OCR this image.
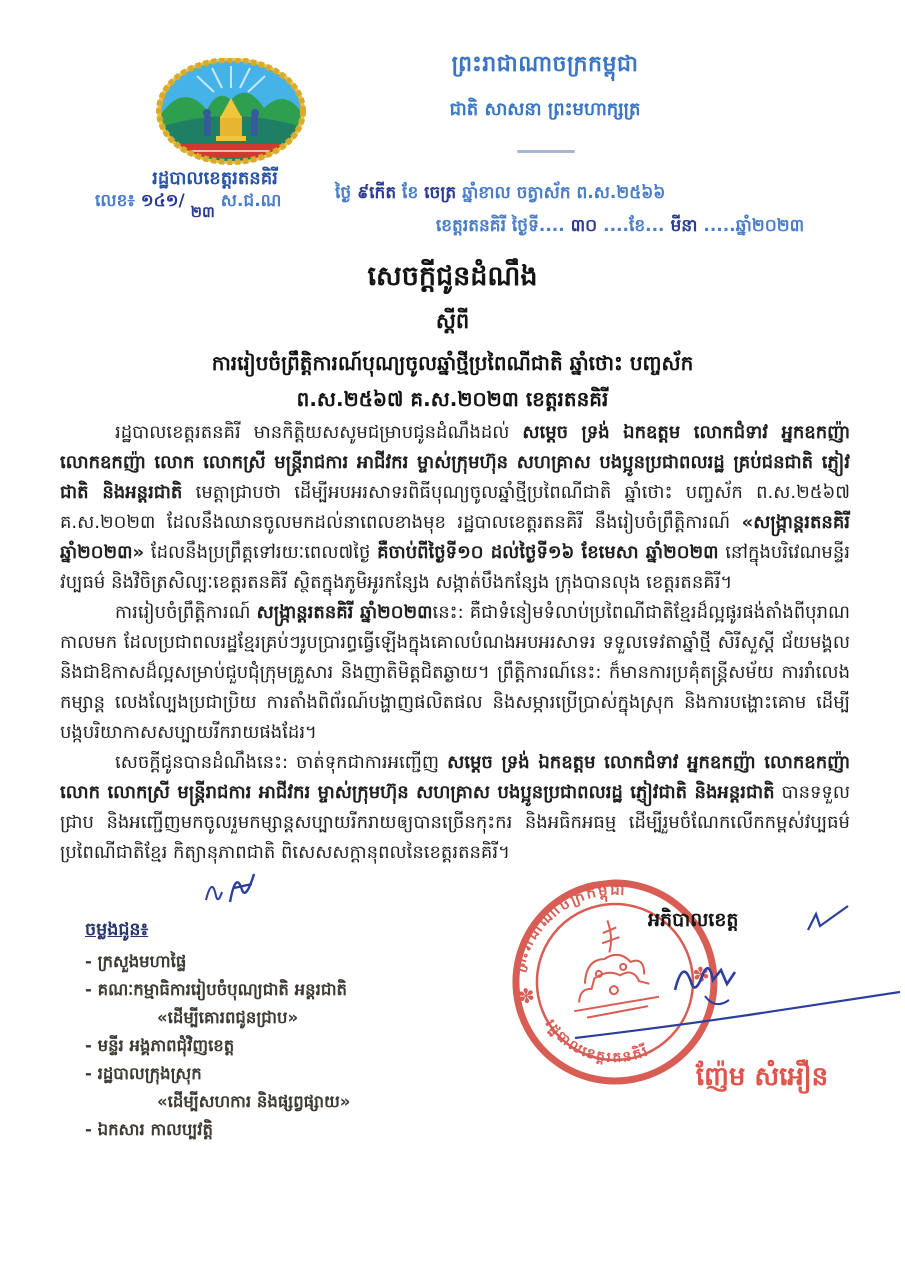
ព្រះរាជាណាចក្រកម្ពុជា
ជាតិ សាសនា ព្រះមហាក្សត្រ
រដ្ឋបាលខេត្តរតនគិរី
លេខ៖ ១៤១/ ២៣ ស.ជ.ណ	ថ្ងៃ ៩កើត ខែ ចេត្រ ឆ្នាំខាល ចត្វាស័ក ព.ស.២៥៦៦
ខេត្តរតនគិរី ថ្ងៃទី.... ៣០ ....ខែ... មីនា .....ឆ្នាំ២០២៣
សេចក្ដីជូនដំណឹង
ស្ដីពី
ការរៀបចំព្រឹត្តិការណ៍បុណ្យចូលឆ្នាំថ្មីប្រពៃណីជាតិ ឆ្នាំថោះ បញ្ចស័ក
ព.ស.២៥៦៧ គ.ស.២០២៣ ខេត្តរតនគិរី

រដ្ឋបាលខេត្តរតនគិរី មានកិត្តិយសសូមជម្រាបជូនដំណឹងដល់ សម្ដេច ទ្រង់ ឯកឧត្ដម លោកជំទាវ អ្នកឧកញ៉ា លោកឧកញ៉ា លោក លោកស្រី មន្ត្រីរាជការ អាជីវករ ម្ចាស់ក្រុមហ៊ុន សហគ្រាស បងប្អូនប្រជាពលរដ្ឋ គ្រប់ជនជាតិ ភ្ញៀវជាតិ និងអន្តរជាតិ មេត្តាជ្រាបថា ដើម្បីអបអរសាទរពិធីបុណ្យចូលឆ្នាំថ្មីប្រពៃណីជាតិ ឆ្នាំថោះ បញ្ចស័ក ព.ស.២៥៦៧ គ.ស.២០២៣ ដែលនឹងឈានចូលមកដល់នាពេលខាងមុខ រដ្ឋបាលខេត្តរតនគិរី នឹងរៀបចំព្រឹត្តិការណ៍ «សង្ក្រាន្តរតនគិរី ឆ្នាំ២០២៣» ដែលនឹងប្រព្រឹត្តទៅរយៈពេល៧ថ្ងៃ គឺចាប់ពីថ្ងៃទី១០ ដល់ថ្ងៃទី១៦ ខែមេសា ឆ្នាំ២០២៣ នៅក្នុងបរិវេណមន្ទីរវប្បធម៌ និងវិចិត្រសិល្បៈខេត្តរតនគិរី ស្ថិតក្នុងភូមិអូរកន្សែង សង្កាត់បឹងកន្សែង ក្រុងបានលុង ខេត្តរតនគិរី។

ការរៀបចំព្រឹត្តិការណ៍ សង្ក្រាន្តរតនគិរី ឆ្នាំ២០២៣នេះ: គឺជាទំនៀមទំលាប់ប្រពៃណីជាតិខ្មែរដ៏ល្អផូរផង់តាំងពីបុរាណកាលមក ដែលប្រជាពលរដ្ឋខ្មែរគ្រប់ៗរូបប្រារព្ធធ្វើឡើងក្នុងគោលបំណងអបអរសាទរ ទទួលទេវតាឆ្នាំថ្មី សិរីសួស្ដី ជ័យមង្គល និងជាឱកាសដ៏ល្អសម្រាប់ជួបជុំក្រុមគ្រួសារ និងញាតិមិត្តជិតឆ្ងាយ។ ព្រឹត្តិការណ៍នេះ: ក៏មានការប្រគុំតន្ត្រីសម័យ ការរាំលេងកម្សាន្ត លេងល្បែងប្រជាប្រិយ ការតាំងពិព័រណ៍បង្ហាញផលិតផល និងសម្ភារប្រើប្រាស់ក្នុងស្រុក និងការបង្ហោះគោម ដើម្បីបង្កបរិយាកាសសប្បាយរីករាយផងដែរ។

សេចក្ដីជូនបានដំណឹងនេះ: ចាត់ទុកជាការអញ្ជើញ សម្ដេច ទ្រង់ ឯកឧត្ដម លោកជំទាវ អ្នកឧកញ៉ា លោកឧកញ៉ា លោក លោកស្រី មន្ត្រីរាជការ អាជីវករ ម្ចាស់ក្រុមហ៊ុន សហគ្រាស បងប្អូនប្រជាពលរដ្ឋ ភ្ញៀវជាតិ និងអន្តរជាតិ បានទទួលជ្រាប និងអញ្ជើញមកចូលរួមកម្សាន្តសប្បាយរីករាយឲ្យបានច្រើនកុះករ និងអធិកអធម្ម ដើម្បីរួមចំណែកលើកកម្ពស់វប្បធម៌ ប្រពៃណីជាតិខ្មែរ កិត្យានុភាពជាតិ ពិសេសសក្ដានុពលនៃខេត្តរតនគិរី។

ចម្លងជូន៖
- ក្រសួងមហាផ្ទៃ
- គណៈកម្មាធិការរៀបចំបុណ្យជាតិ អន្តរជាតិ
«ដើម្បីគោរពជូនជ្រាប»
- មន្ទីរ អង្គភាពជុំវិញខេត្ត
- រដ្ឋបាលក្រុងស្រុក
«ដើម្បីសហការ និងផ្សព្វផ្សាយ»
- ឯកសារ កាលប្បវត្តិ
ព្រះរាជាណាចក្រកម្ពុជា
រដ្ឋបាលខេត្តរតនគិរី
✽
✽
អភិបាលខេត្ត
ញ៉ែម សំអឿន
